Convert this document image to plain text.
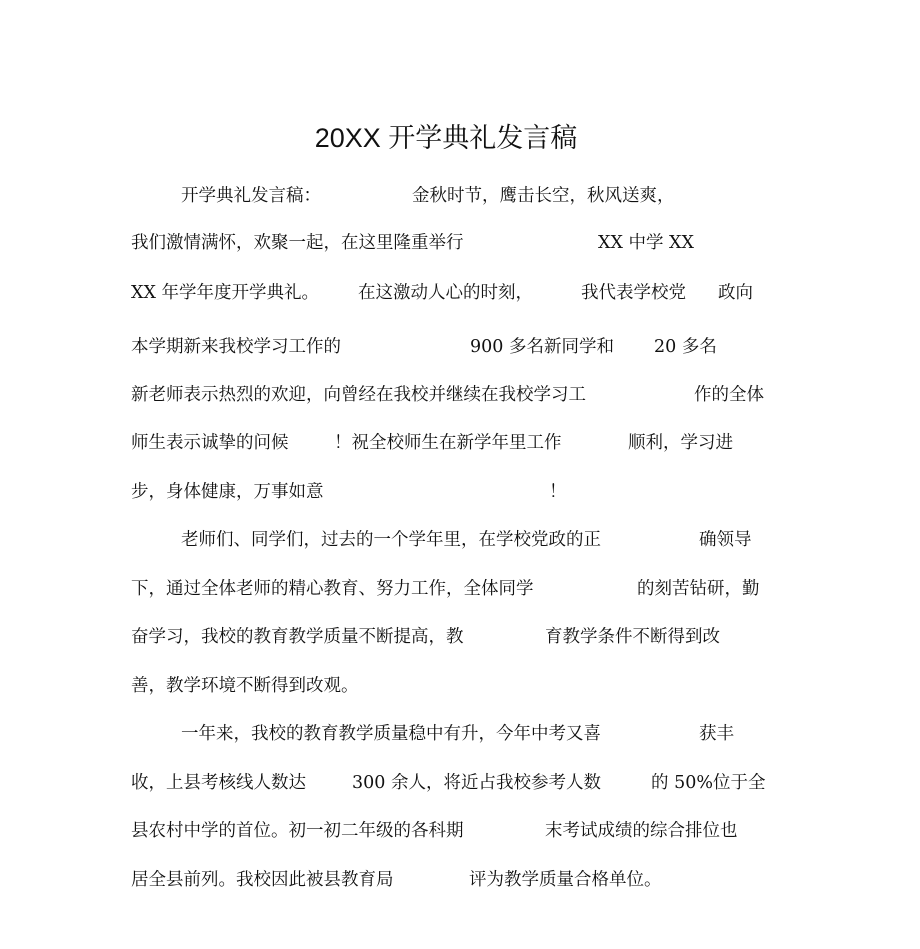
20XX 开学典礼发言稿
开学典礼发言稿：	金秋时节，鹰击长空，秋风送爽，
我们激情满怀，欢聚一起，在这里隆重举行	XX 中学 XX
XX 年学年度开学典礼。 在这激动人心的时刻，	我代表学校党 政向
本学期新来我校学习工作的	900 多名新同学和 20 多名
新老师表示热烈的欢迎，向曾经在我校并继续在我校学习工	作的全体
师生表示诚挚的问候	！祝全校师生在新学年里工作	顺利，学习进
步，身体健康，万事如意	！
老师们、同学们，过去的一个学年里，在学校党政的正	确领导
下，通过全体老师的精心教育、努力工作，全体同学	的刻苦钻研，勤
奋学习，我校的教育教学质量不断提高，教	育教学条件不断得到改
善，教学环境不断得到改观。
一年来，我校的教育教学质量稳中有升，今年中考又喜	获丰
收，上县考核线人数达	300 余人，将近占我校参考人数	的 50%位于全
县农村中学的首位。初一初二年级的各科期	末考试成绩的综合排位也
居全县前列。我校因此被县教育局	评为教学质量合格单位。
